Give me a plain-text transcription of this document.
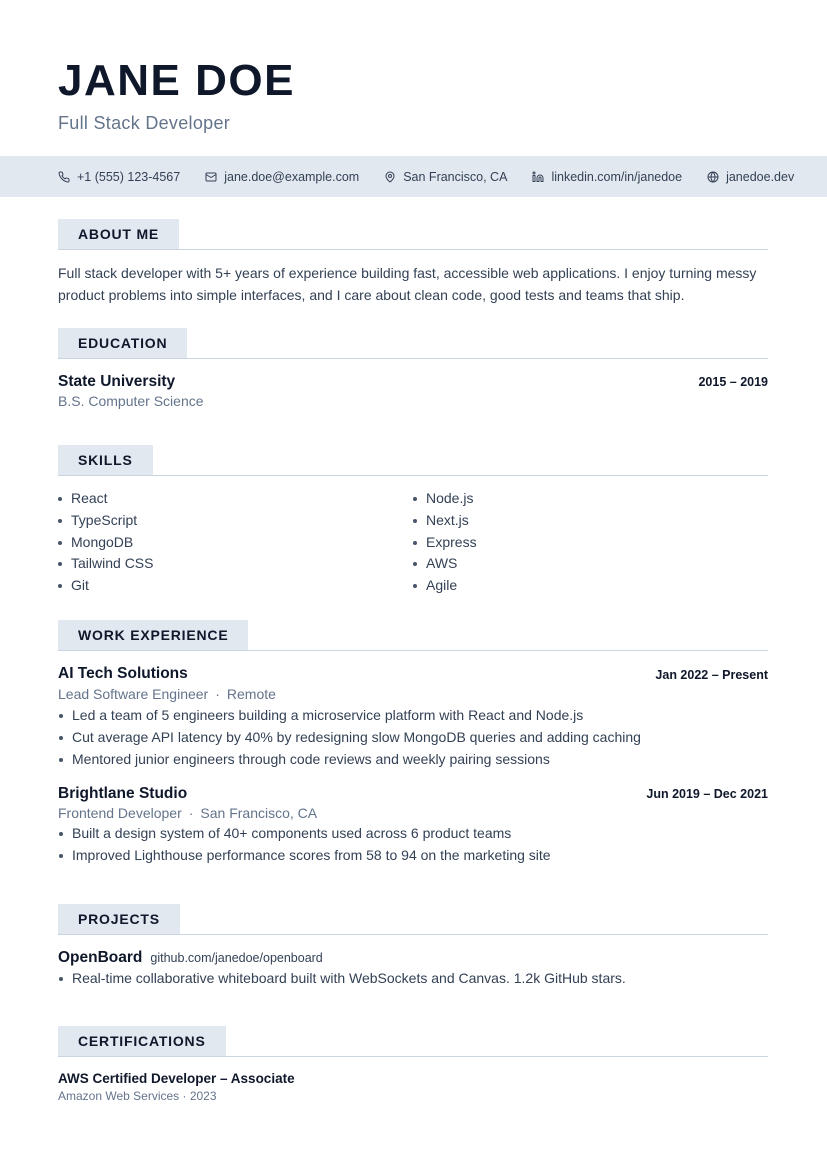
JANE DOE
Full Stack Developer
+1 (555) 123-4567	jane.doe@example.com	San Francisco, CA	linkedin.com/in/janedoe	janedoe.dev
ABOUT ME
Full stack developer with 5+ years of experience building fast, accessible web applications. I enjoy turning messy product problems into simple interfaces, and I care about clean code, good tests and teams that ship.
EDUCATION
State University	2015 – 2019
B.S. Computer Science
SKILLS
React
TypeScript
MongoDB
Tailwind CSS
Git
Node.js
Next.js
Express
AWS
Agile
WORK EXPERIENCE
AI Tech Solutions	Jan 2022 – Present
Lead Software Engineer · Remote
Led a team of 5 engineers building a microservice platform with React and Node.js
Cut average API latency by 40% by redesigning slow MongoDB queries and adding caching
Mentored junior engineers through code reviews and weekly pairing sessions
Brightlane Studio	Jun 2019 – Dec 2021
Frontend Developer · San Francisco, CA
Built a design system of 40+ components used across 6 product teams
Improved Lighthouse performance scores from 58 to 94 on the marketing site
PROJECTS
OpenBoard github.com/janedoe/openboard
Real-time collaborative whiteboard built with WebSockets and Canvas. 1.2k GitHub stars.
CERTIFICATIONS
AWS Certified Developer – Associate
Amazon Web Services · 2023
